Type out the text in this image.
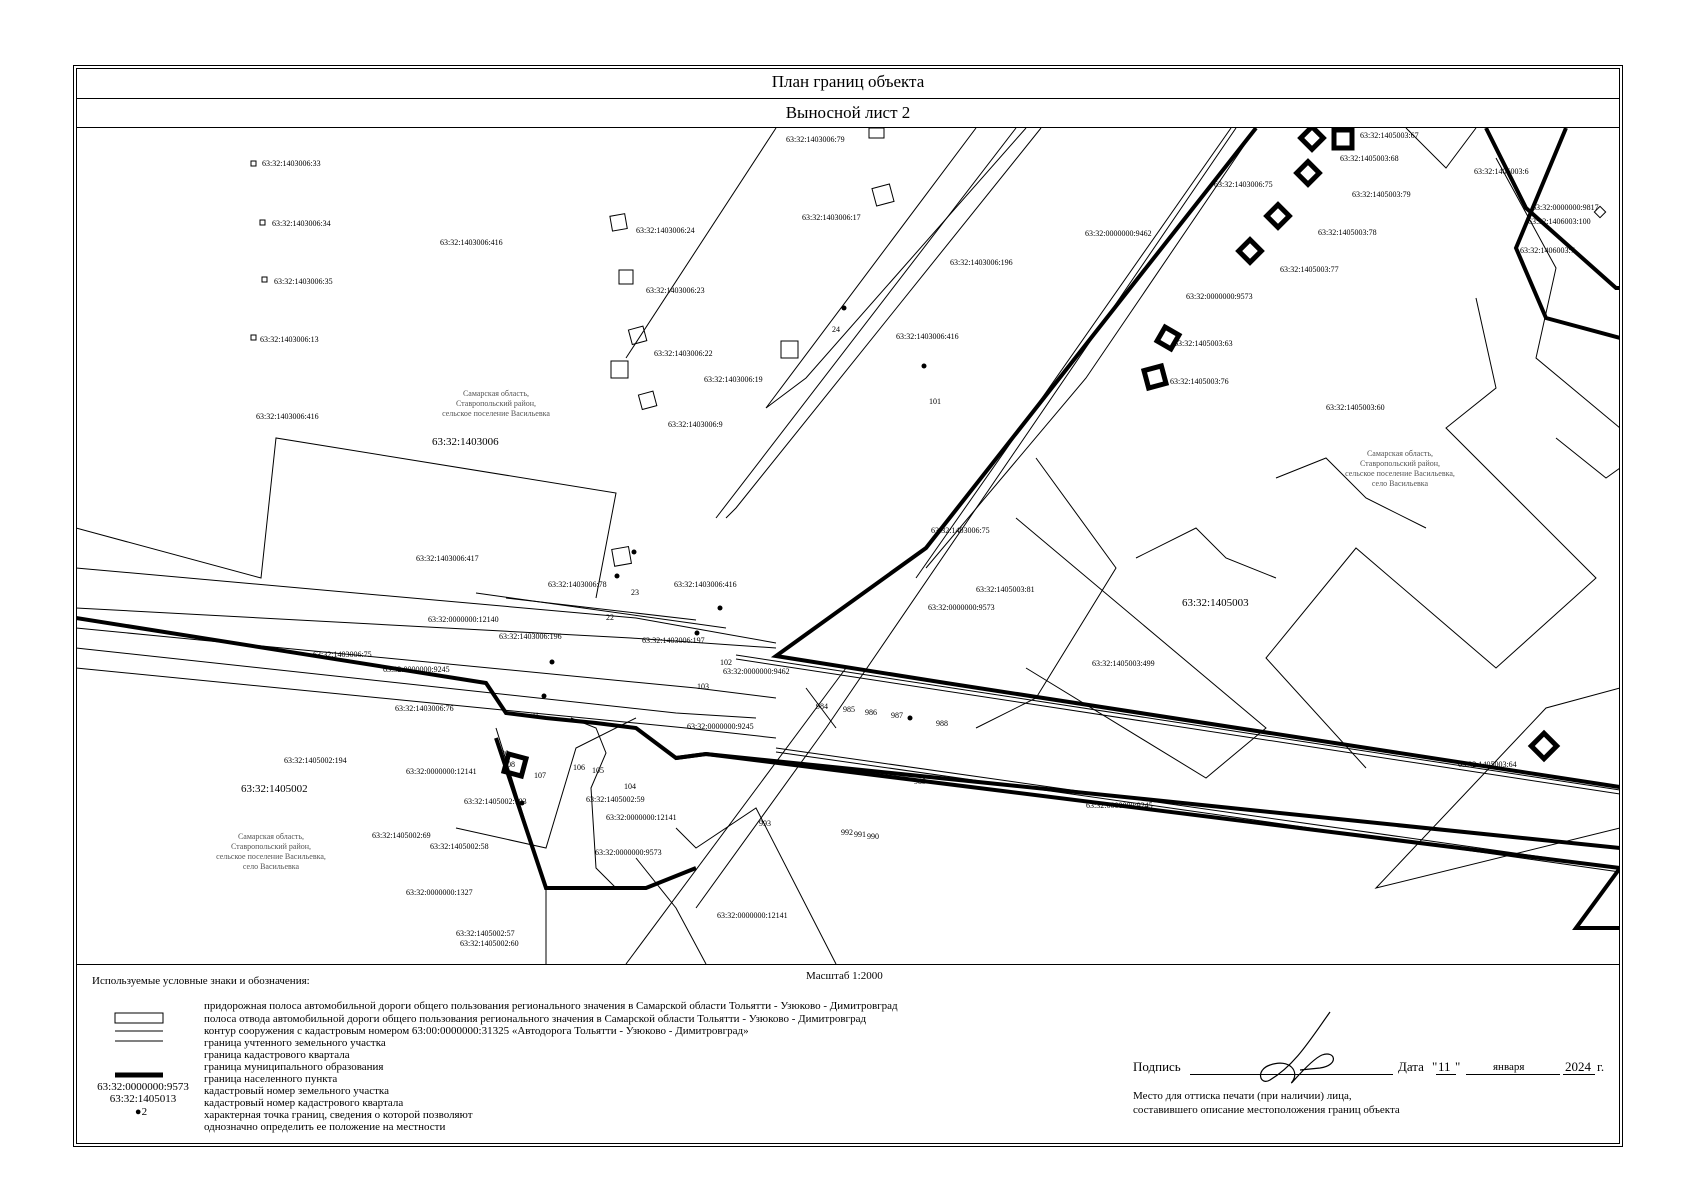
План границ объекта
Выносной лист 2
63:32:1403006:79
63:32:1403006:33
63:32:1403006:34
63:32:1403006:416
63:32:1403006:24
63:32:1403006:17
63:32:1403006:35
63:32:1403006:23
63:32:1403006:13
63:32:1403006:22
63:32:1403006:19
63:32:1403006:416
63:32:1403006:9
63:32:1403006:196
63:32:1403006:416
63:32:1403006:75
63:32:0000000:9462
63:32:0000000:9573
63:32:1405003:67
63:32:1405003:68
63:32:1405003:79
63:32:1405003:78
63:32:1405003:77
63:32:1405003:63
63:32:1405003:76
63:32:1405003:60
63:32:1406003:6
63:32:0000000:9817
63:32:1406003:100
63:32:1406003:7
63:32:1403006:417
63:32:1403006:78	63:32:1403006:416
63:32:0000000:12140
63:32:1403006:196	63:32:1403006:197
63:32:1403006:75
63:32:0000000:9245	63:32:0000000:9462
63:32:1403006:76
63:32:0000000:9245
63:32:1403006:75
63:32:1405003:81
63:32:0000000:9573
63:32:1405003:499
63:32:1405002:194
63:32:0000000:12141
63:32:1405002:193	63:32:1405002:59
63:32:1405002:69
63:32:0000000:12141
63:32:1405002:58
63:32:0000000:9573
63:32:0000000:1327
63:32:1405002:57
63:32:1405002:60
63:32:0000000:12141
63:32:0000000:9245
63:32:1405003:64
63:32:1403006
63:32:1405003
63:32:1405002
Самарская область,
Ставропольский район,
сельское поселение Васильевка
Самарская область,
Ставропольский район,
сельское поселение Васильевка,
село Васильевка
Самарская область,
Ставропольский район,
сельское поселение Васильевка,
село Васильевка
24
101
23
22
102
103
21
20
108
107
106 105
104
984 985 986 987
988
989
993
992 991 990
Используемые условные знаки и обозначения:	Масштаб 1:2000
63:32:0000000:9573
63:32:1405013
●2
придорожная полоса автомобильной дороги общего пользования регионального значения в Самарской области Тольятти - Узюково - Димитровград
полоса отвода автомобильной дороги общего пользования регионального значения в Самарской области Тольятти - Узюково - Димитровград
контур сооружения с кадастровым номером 63:00:0000000:31325 «Автодорога Тольятти - Узюково - Димитровград»
граница учтенного земельного участка
граница кадастрового квартала
граница муниципального образования
граница населенного пункта
кадастровый номер земельного участка
кадастровый номер кадастрового квартала
характерная точка границ, сведения о которой позволяют
однозначно определить ее положение на местности
Подпись	Дата " 11 "	января	2024 г.
Место для оттиска печати (при наличии) лица,
составившего описание местоположения границ объекта
